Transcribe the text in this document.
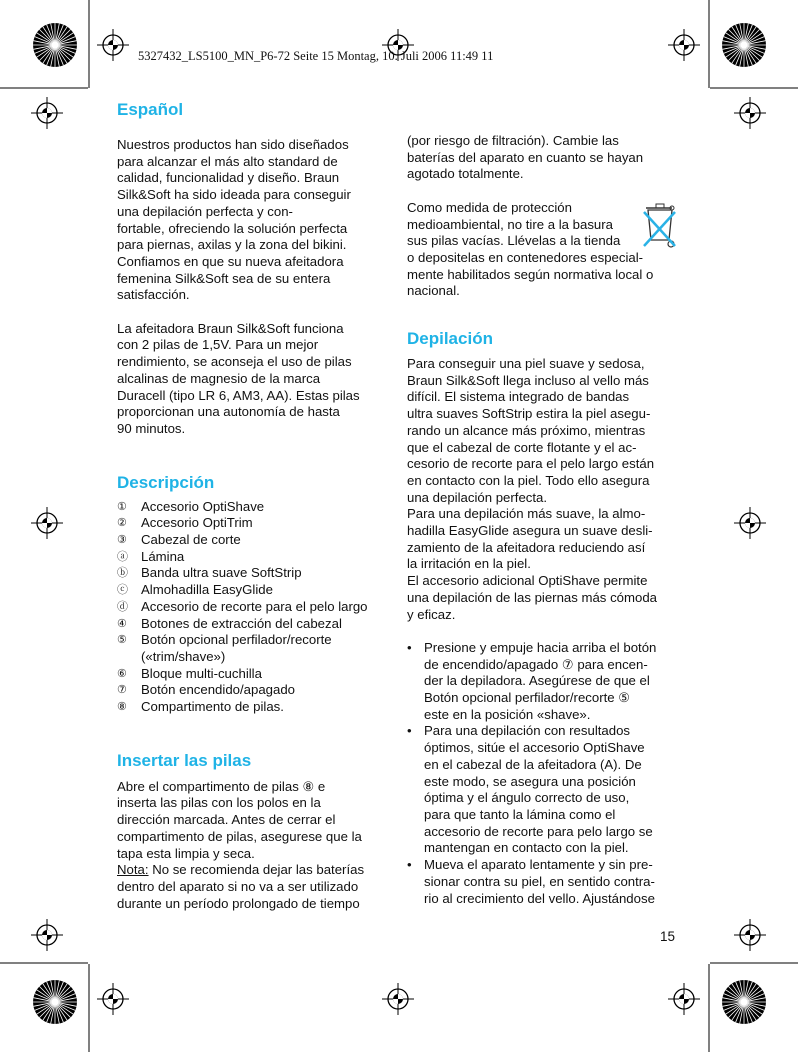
5327432_LS5100_MN_P6-72 Seite 15 Montag, 10. Juli 2006 11:49 11
Español

Nuestros productos han sido diseñados

para alcanzar el más alto standard de

calidad, funcionalidad y diseño. Braun

Silk&Soft ha sido ideada para conseguir

una depilación perfecta y con-

fortable, ofreciendo la solución perfecta

para piernas, axilas y la zona del bikini.

Confiamos en que su nueva afeitadora

femenina Silk&Soft sea de su entera

satisfacción.

La afeitadora Braun Silk&Soft funciona

con 2 pilas de 1,5V. Para un mejor

rendimiento, se aconseja el uso de pilas

alcalinas de magnesio de la marca

Duracell (tipo LR 6, AM3, AA). Estas pilas

proporcionan una autonomía de hasta

90 minutos.

Descripción
① Accesorio OptiShave
② Accesorio OptiTrim
③ Cabezal de corte
ⓐ Lámina
ⓑ Banda ultra suave SoftStrip
ⓒ Almohadilla EasyGlide
ⓓ Accesorio de recorte para el pelo largo
④ Botones de extracción del cabezal
⑤ Botón opcional perfilador/recorte («trim/shave»)
⑥ Bloque multi-cuchilla
⑦ Botón encendido/apagado
⑧ Compartimento de pilas.
Insertar las pilas

Abre el compartimento de pilas ⑧ e

inserta las pilas con los polos en la

dirección marcada. Antes de cerrar el

compartimento de pilas, asegurese que la

tapa esta limpia y seca.

Nota: No se recomienda dejar las baterías

dentro del aparato si no va a ser utilizado

durante un período prolongado de tiempo

(por riesgo de filtración). Cambie las

baterías del aparato en cuanto se hayan

agotado totalmente.

Como medida de protección

medioambiental, no tire a la basura

sus pilas vacías. Llévelas a la tienda

o depositelas en contenedores especial-

mente habilitados según normativa local o

nacional.

Depilación

Para conseguir una piel suave y sedosa,

Braun Silk&Soft llega incluso al vello más

difícil. El sistema integrado de bandas

ultra suaves SoftStrip estira la piel asegu-

rando un alcance más próximo, mientras

que el cabezal de corte flotante y el ac-

cesorio de recorte para el pelo largo están

en contacto con la piel. Todo ello asegura

una depilación perfecta.

Para una depilación más suave, la almo-

hadilla EasyGlide asegura un suave desli-

zamiento de la afeitadora reduciendo así

la irritación en la piel.

El accesorio adicional OptiShave permite

una depilación de las piernas más cómoda

y eficaz.

• Presione y empuje hacia arriba el botón
de encendido/apagado ⑦ para encen-
der la depiladora. Asegúrese de que el
Botón opcional perfilador/recorte ⑤
este en la posición «shave».
• Para una depilación con resultados
óptimos, sitúe el accesorio OptiShave
en el cabezal de la afeitadora (A). De
este modo, se asegura una posición
óptima y el ángulo correcto de uso,
para que tanto la lámina como el
accesorio de recorte para pelo largo se
mantengan en contacto con la piel.
• Mueva el aparato lentamente y sin pre-
sionar contra su piel, en sentido contra-
rio al crecimiento del vello. Ajustándose
15
